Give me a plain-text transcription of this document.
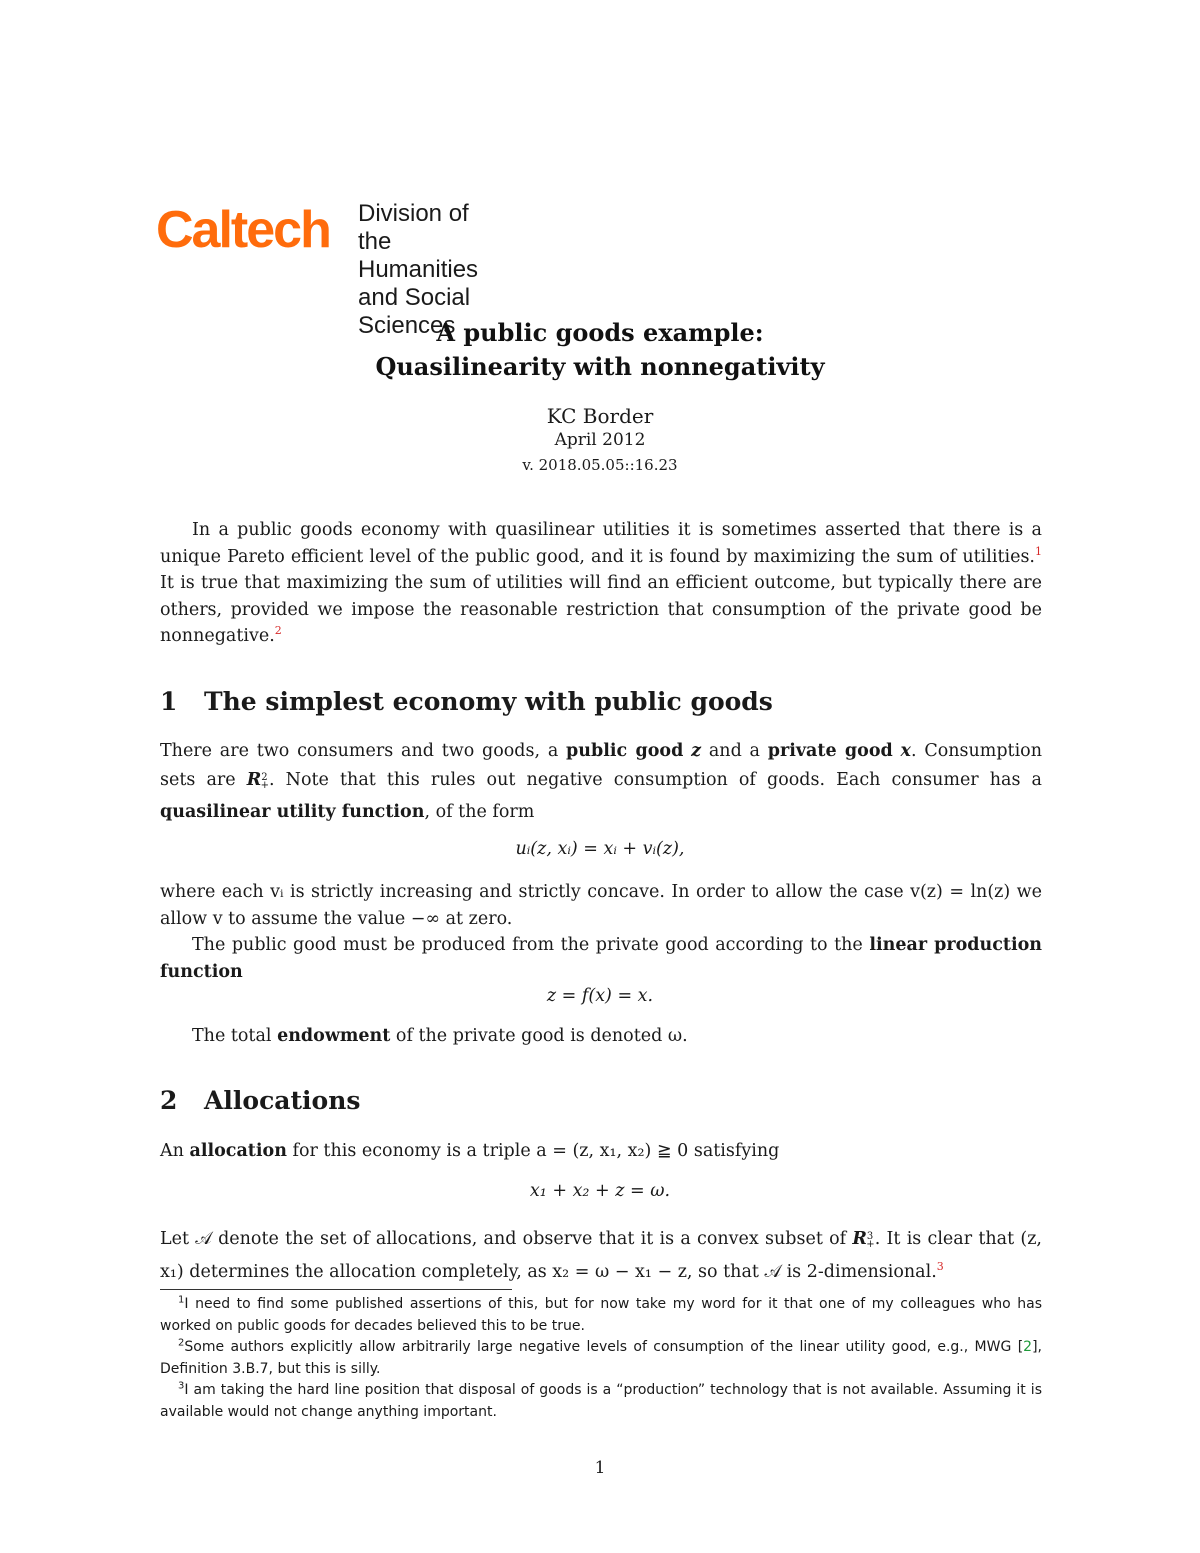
Caltech Division of the Humanities
and Social Sciences
A public goods example:
Quasilinearity with nonnegativity
KC Border
April 2012
v. 2018.05.05::16.23
In a public goods economy with quasilinear utilities it is sometimes asserted that there is a unique Pareto efficient level of the public good, and it is found by maximizing the sum of utilities.$^1$ It is true that maximizing the sum of utilities will find an efficient outcome, but typically there are others, provided we impose the reasonable restriction that consumption of the private good be nonnegative.$^2$
1 The simplest economy with public goods
There are two consumers and two goods, a public good z and a private good x. Consumption sets are $R^2_+$. Note that this rules out negative consumption of goods. Each consumer has a quasilinear utility function, of the form
uᵢ(z, xᵢ) = xᵢ + vᵢ(z),
where each vᵢ is strictly increasing and strictly concave. In order to allow the case v(z) = ln(z) we allow v to assume the value −∞ at zero.
The public good must be produced from the private good according to the linear production function
z = f(x) = x.
The total endowment of the private good is denoted ω.
2 Allocations
An allocation for this economy is a triple a = (z, x₁, x₂) ≧ 0 satisfying
x₁ + x₂ + z = ω.
Let 𝒜 denote the set of allocations, and observe that it is a convex subset of $R^3_+$. It is clear that (z, x₁) determines the allocation completely, as x₂ = ω − x₁ − z, so that 𝒜 is 2-dimensional.$^3$
$^1$I need to find some published assertions of this, but for now take my word for it that one of my colleagues who has worked on public goods for decades believed this to be true.
$^2$Some authors explicitly allow arbitrarily large negative levels of consumption of the linear utility good, e.g., MWG [2], Definition 3.B.7, but this is silly.
$^3$I am taking the hard line position that disposal of goods is a “production” technology that is not available. Assuming it is available would not change anything important.
1
